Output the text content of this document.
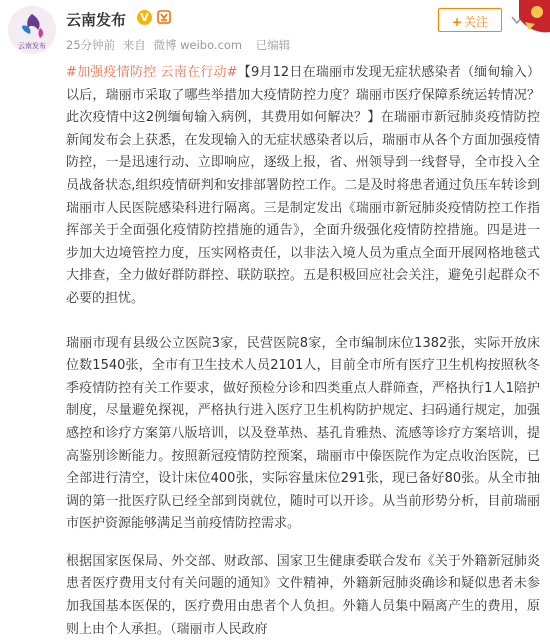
云南发布
云南发布 V
25分钟前 来自 微博 weibo.com 已编辑
+ 关注

#加强疫情防控 云南在行动#【9月12日在瑞丽市发现无症状感染者（缅甸输入）以后，瑞丽市采取了哪些举措加大疫情防控力度？瑞丽市医疗保障系统运转情况？此次疫情中这2例缅甸输入病例，其费用如何解决？】在瑞丽市新冠肺炎疫情防控新闻发布会上获悉，在发现输入的无症状感染者以后，瑞丽市从各个方面加强疫情防控，一是迅速行动、立即响应，逐级上报，省、州领导到一线督导，全市投入全员战备状态,组织疫情研判和安排部署防控工作。二是及时将患者通过负压车转诊到瑞丽市人民医院感染科进行隔离。三是制定发出《瑞丽市新冠肺炎疫情防控工作指挥部关于全面强化疫情防控措施的通告》，全面升级强化疫情防控措施。四是进一步加大边境管控力度，压实网格责任，以非法入境人员为重点全面开展网格地毯式大排查，全力做好群防群控、联防联控。五是积极回应社会关注，避免引起群众不必要的担忧。

瑞丽市现有县级公立医院3家，民营医院8家，全市编制床位1382张，实际开放床位数1540张，全市有卫生技术人员2101人，目前全市所有医疗卫生机构按照秋冬季疫情防控有关工作要求，做好预检分诊和四类重点人群筛查，严格执行1人1陪护制度，尽量避免探视，严格执行进入医疗卫生机构防护规定、扫码通行规定，加强感控和诊疗方案第八版培训，以及登革热、基孔肯雅热、流感等诊疗方案培训，提高鉴别诊断能力。按照新冠疫情防控预案，瑞丽市中傣医院作为定点收治医院，已全部进行清空，设计床位400张，实际容量床位291张，现已备好80张。从全市抽调的第一批医疗队已经全部到岗就位，随时可以开诊。从当前形势分析，目前瑞丽市医护资源能够满足当前疫情防控需求。

根据国家医保局、外交部、财政部、国家卫生健康委联合发布《关于外籍新冠肺炎患者医疗费用支付有关问题的通知》文件精神，外籍新冠肺炎确诊和疑似患者未参加我国基本医保的，医疗费用由患者个人负担。外籍人员集中隔离产生的费用，原则上由个人承担。（瑞丽市人民政府
